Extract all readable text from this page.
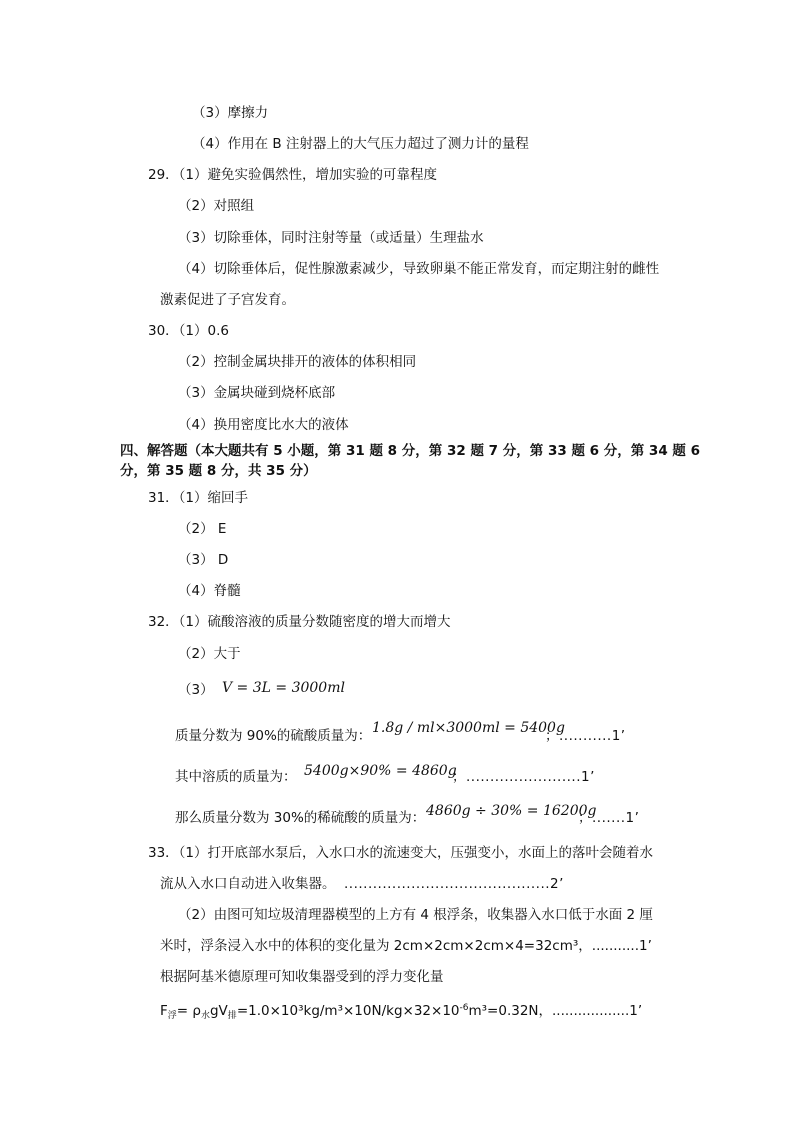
（3）摩擦力
（4）作用在 B 注射器上的大气压力超过了测力计的量程
29．（1）避免实验偶然性，增加实验的可靠程度
（2）对照组
（3）切除垂体，同时注射等量（或适量）生理盐水
（4）切除垂体后，促性腺激素减少，导致卵巢不能正常发育，而定期注射的雌性
激素促进了子宫发育。
30．（1）0.6
（2）控制金属块排开的液体的体积相同
（3）金属块碰到烧杯底部
（4）换用密度比水大的液体
四、解答题（本大题共有 5 小题，第 31 题 8 分，第 32 题 7 分，第 33 题 6 分，第 34 题 6
分，第 35 题 8 分，共 35 分）
31．（1）缩回手
（2） E
（3） D
（4）脊髓
32．（1）硫酸溶液的质量分数随密度的增大而增大
（2）大于
（3） V = 3L = 3000ml
质量分数为 90%的硫酸质量为： 1.8g / ml×3000ml = 5400g
；...........1’
其中溶质的质量为： 5400g×90% = 4860g
；........................1’
那么质量分数为 30%的稀硫酸的质量为： 4860g ÷ 30% = 16200g
；.......1’
33．（1）打开底部水泵后，入水口水的流速变大，压强变小，水面上的落叶会随着水
流从入水口自动进入收集器。 ...........................................2’
（2）由图可知垃圾清理器模型的上方有 4 根浮条，收集器入水口低于水面 2 厘
米时，浮条浸入水中的体积的变化量为 2cm×2cm×2cm×4=32cm³，...........1’
根据阿基米德原理可知收集器受到的浮力变化量
$F_浮= \rho_水gV_排=1.0\times 10^3kg/m^3\times 10N/kg\times 32\times 10^{-6}m^3=0.32N$，..................1’
